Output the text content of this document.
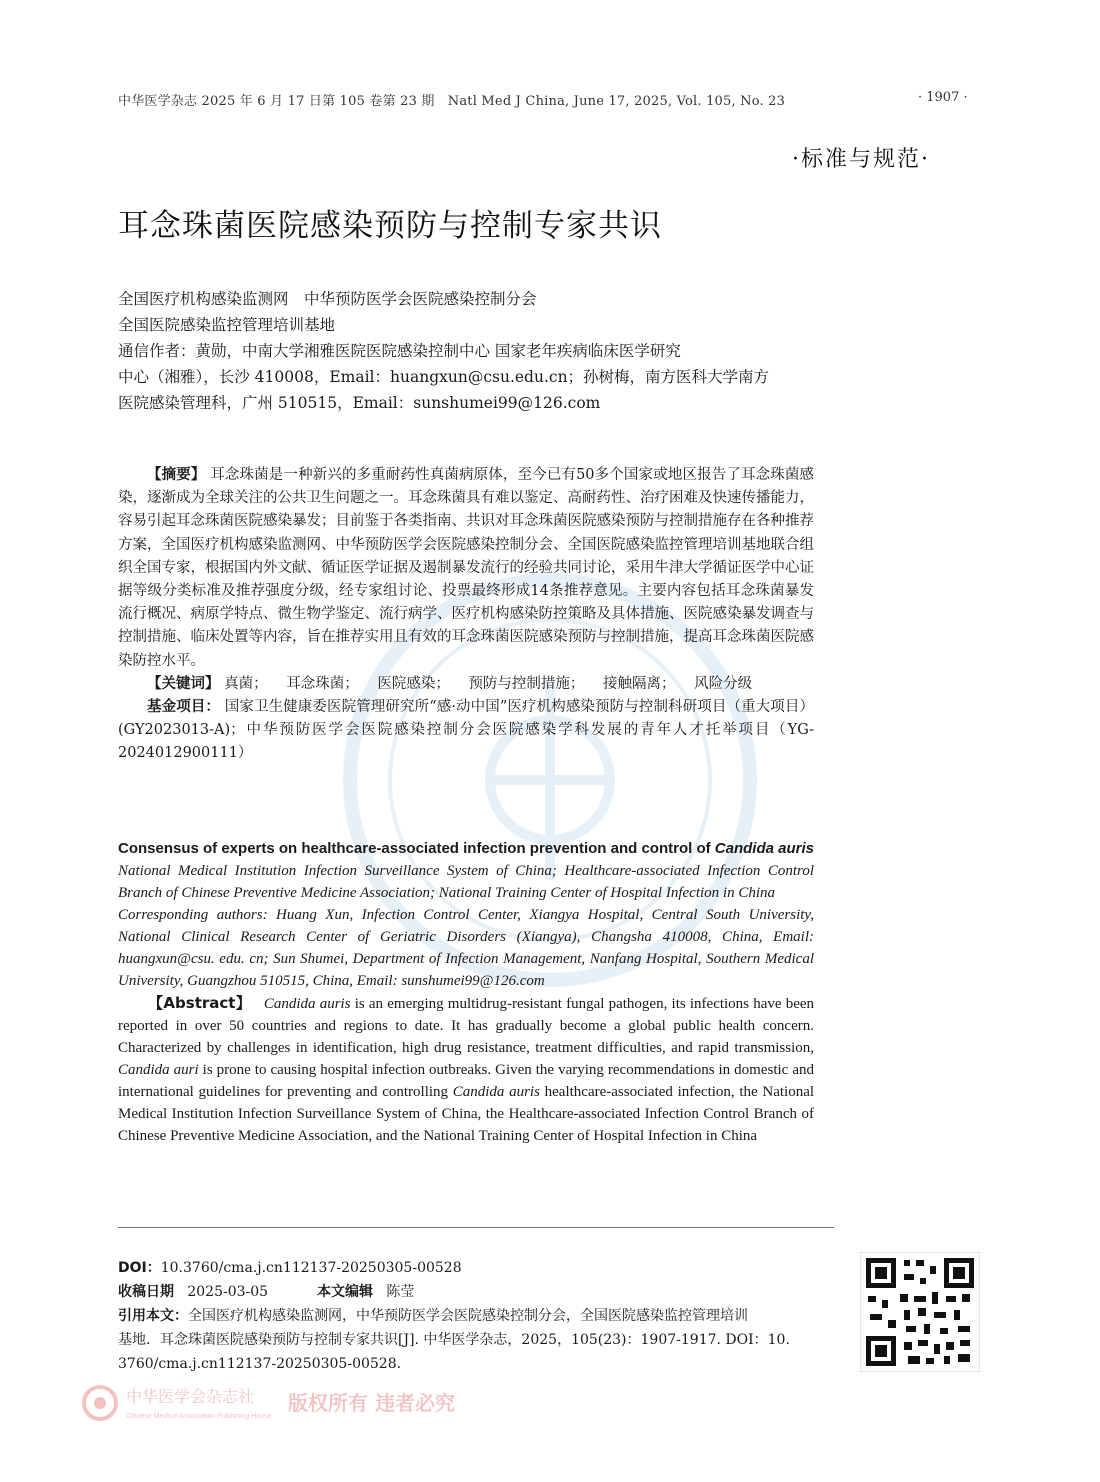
中华医学杂志 2025 年 6 月 17 日第 105 卷第 23 期　Natl Med J China, June 17, 2025, Vol. 105, No. 23	· 1907 ·
·标准与规范·
耳念珠菌医院感染预防与控制专家共识
全国医疗机构感染监测网　中华预防医学会医院感染控制分会
全国医院感染监控管理培训基地
通信作者：黄勋，中南大学湘雅医院医院感染控制中心 国家老年疾病临床医学研究
中心（湘雅），长沙 410008，Email：huangxun@csu.edu.cn；孙树梅，南方医科大学南方
医院感染管理科，广州 510515，Email：sunshumei99@126.com

【摘要】 耳念珠菌是一种新兴的多重耐药性真菌病原体，至今已有50多个国家或地区报告了耳念珠菌感染，逐渐成为全球关注的公共卫生问题之一。耳念珠菌具有难以鉴定、高耐药性、治疗困难及快速传播能力，容易引起耳念珠菌医院感染暴发；目前鉴于各类指南、共识对耳念珠菌医院感染预防与控制措施存在各种推荐方案，全国医疗机构感染监测网、中华预防医学会医院感染控制分会、全国医院感染监控管理培训基地联合组织全国专家，根据国内外文献、循证医学证据及遏制暴发流行的经验共同讨论，采用牛津大学循证医学中心证据等级分类标准及推荐强度分级，经专家组讨论、投票最终形成14条推荐意见。主要内容包括耳念珠菌暴发流行概况、病原学特点、微生物学鉴定、流行病学、医疗机构感染防控策略及具体措施、医院感染暴发调查与控制措施、临床处置等内容，旨在推荐实用且有效的耳念珠菌医院感染预防与控制措施，提高耳念珠菌医院感染防控水平。

【关键词】 真菌； 耳念珠菌； 医院感染； 预防与控制措施； 接触隔离； 风险分级

基金项目： 国家卫生健康委医院管理研究所“感·动中国”医疗机构感染预防与控制科研项目（重大项目）(GY2023013-A)；中华预防医学会医院感染控制分会医院感染学科发展的青年人才托举项目（YG-2024012900111）

Consensus of experts on healthcare-associated infection prevention and control of Candida auris
National Medical Institution Infection Surveillance System of China; Healthcare-associated Infection Control Branch of Chinese Preventive Medicine Association; National Training Center of Hospital Infection in China
Corresponding authors: Huang Xun, Infection Control Center, Xiangya Hospital, Central South University, National Clinical Research Center of Geriatric Disorders (Xiangya), Changsha 410008, China, Email: huangxun@csu. edu. cn; Sun Shumei, Department of Infection Management, Nanfang Hospital, Southern Medical University, Guangzhou 510515, China, Email: sunshumei99@126.com

【Abstract】 Candida auris is an emerging multidrug-resistant fungal pathogen, its infections have been reported in over 50 countries and regions to date. It has gradually become a global public health concern. Characterized by challenges in identification, high drug resistance, treatment difficulties, and rapid transmission, Candida auri is prone to causing hospital infection outbreaks. Given the varying recommendations in domestic and international guidelines for preventing and controlling Candida auris healthcare-associated infection, the National Medical Institution Infection Surveillance System of China, the Healthcare-associated Infection Control Branch of Chinese Preventive Medicine Association, and the National Training Center of Hospital Infection in China

DOI：10.3760/cma.j.cn112137-20250305-00528
收稿日期 2025-03-05	本文编辑 陈莹
引用本文：全国医疗机构感染监测网，中华预防医学会医院感染控制分会，全国医院感染监控管理培训
基地．耳念珠菌医院感染预防与控制专家共识[J]. 中华医学杂志，2025，105(23)：1907-1917. DOI：10.
3760/cma.j.cn112137-20250305-00528.
中华医学会杂志社
Chinese Medical Association Publishing House
版权所有 违者必究
